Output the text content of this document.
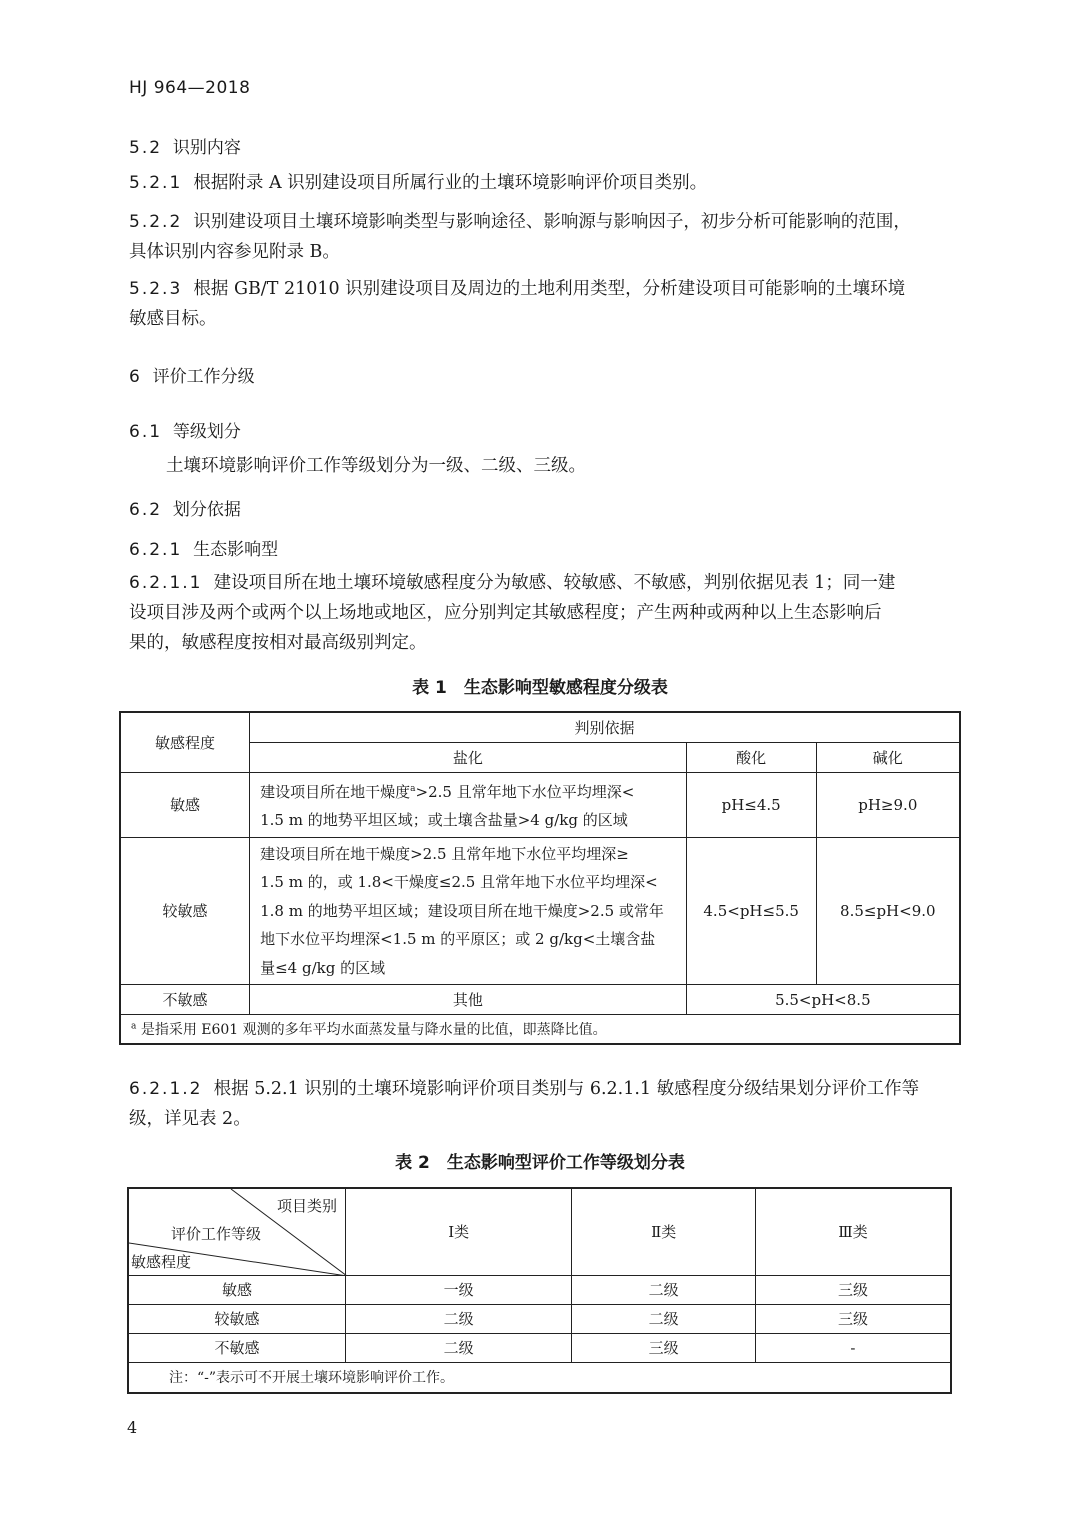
HJ 964—2018
5.2 识别内容
5.2.1 根据附录 A 识别建设项目所属行业的土壤环境影响评价项目类别。
5.2.2 识别建设项目土壤环境影响类型与影响途径、影响源与影响因子，初步分析可能影响的范围，
具体识别内容参见附录 B。
5.2.3 根据 GB/T 21010 识别建设项目及周边的土地利用类型，分析建设项目可能影响的土壤环境
敏感目标。
6 评价工作分级
6.1 等级划分
土壤环境影响评价工作等级划分为一级、二级、三级。
6.2 划分依据
6.2.1 生态影响型
6.2.1.1 建设项目所在地土壤环境敏感程度分为敏感、较敏感、不敏感，判别依据见表 1；同一建
设项目涉及两个或两个以上场地或地区，应分别判定其敏感程度；产生两种或两种以上生态影响后
果的，敏感程度按相对最高级别判定。
表 1　生态影响型敏感程度分级表
敏感程度	判别依据		
	盐化	酸化	碱化
敏感	建设项目所在地干燥度$^a$>2.5 且常年地下水位平均埋深<
1.5 m 的地势平坦区域；或土壤含盐量>4 g/kg 的区域	pH≤4.5	pH≥9.0
较敏感	建设项目所在地干燥度>2.5 且常年地下水位平均埋深≥
1.5 m 的，或 1.8<干燥度≤2.5 且常年地下水位平均埋深<
1.8 m 的地势平坦区域；建设项目所在地干燥度>2.5 或常年
地下水位平均埋深<1.5 m 的平原区；或 2 g/kg<土壤含盐
量≤4 g/kg 的区域	4.5<pH≤5.5	8.5≤pH<9.0
不敏感	其他	5.5<pH<8.5	
$^a$ 是指采用 E601 观测的多年平均水面蒸发量与降水量的比值，即蒸降比值。			
6.2.1.2 根据 5.2.1 识别的土壤环境影响评价项目类别与 6.2.1.1 敏感程度分级结果划分评价工作等
级，详见表 2。
表 2　生态影响型评价工作等级划分表
项目类别
评价工作等级
敏感程度	Ⅰ类	Ⅱ类	Ⅲ类
敏感	一级	二级	三级
较敏感	二级	二级	三级
不敏感	二级	三级	-
注：“-”表示可不开展土壤环境影响评价工作。			
4
